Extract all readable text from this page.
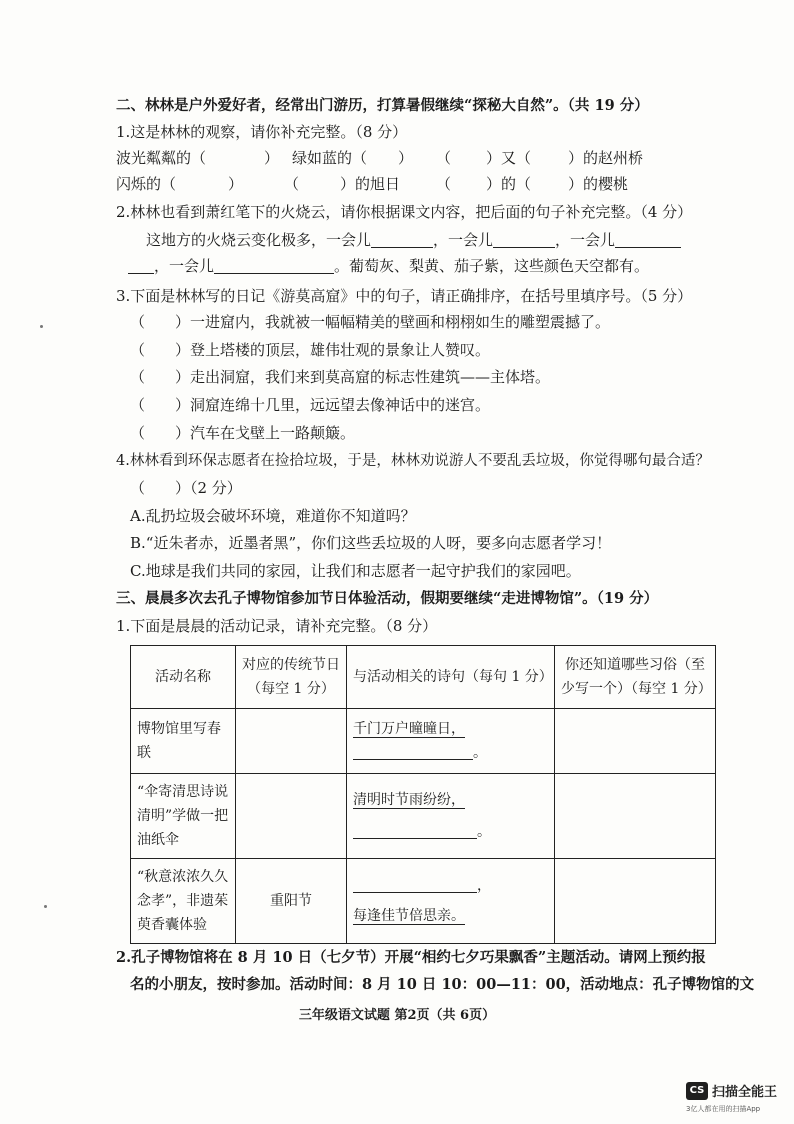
二、林林是户外爱好者，经常出门游历，打算暑假继续“探秘大自然”。（共 19 分）
1.这是林林的观察，请你补充完整。（8 分）
波光粼粼的（	） 绿如蓝的（ ） （ ）又（ ）的赵州桥
闪烁的（	）	（	）的旭日 （ ）的（ ）的樱桃
2.林林也看到萧红笔下的火烧云，请你根据课文内容，把后面的句子补充完整。（4 分）
这地方的火烧云变化极多，一会儿	，一会儿	，一会儿
，一会儿	。葡萄灰、梨黄、茄子紫，这些颜色天空都有。
3.下面是林林写的日记《游莫高窟》中的句子，请正确排序，在括号里填序号。（5 分）
（　　）一进窟内，我就被一幅幅精美的壁画和栩栩如生的雕塑震撼了。
（　　）登上塔楼的顶层，雄伟壮观的景象让人赞叹。
（　　）走出洞窟，我们来到莫高窟的标志性建筑——主体塔。
（　　）洞窟连绵十几里，远远望去像神话中的迷宫。
（　　）汽车在戈壁上一路颠簸。
4.林林看到环保志愿者在捡拾垃圾，于是，林林劝说游人不要乱丢垃圾，你觉得哪句最合适？
（　　）（2 分）
A.乱扔垃圾会破坏环境，难道你不知道吗？
B.“近朱者赤，近墨者黑”，你们这些丢垃圾的人呀，要多向志愿者学习！
C.地球是我们共同的家园，让我们和志愿者一起守护我们的家园吧。
三、晨晨多次去孔子博物馆参加节日体验活动，假期要继续“走进博物馆”。（19 分）
1.下面是晨晨的活动记录，请补充完整。（8 分）
活动名称	对应的传统节日（每空 1 分）	与活动相关的诗句（每句 1 分）	你还知道哪些习俗（至少写一个）（每空 1 分）
博物馆里写春联		千门万户曈曈日，
。	

“伞寄清思诗说清明”学做一把油纸伞		清明时节雨纷纷，
。	

“秋意浓浓久久念孝”，非遗茱萸香囊体验	重阳节	，
每逢佳节倍思亲。	

2.孔子博物馆将在 8 月 10 日（七夕节）开展“相约七夕巧果飘香”主题活动。请网上预约报
名的小朋友，按时参加。活动时间：8 月 10 日 10：00—11：00，活动地点：孔子博物馆的文
三年级语文试题 第2页（共 6页）
CS 扫描全能王
3亿人都在用的扫描App
